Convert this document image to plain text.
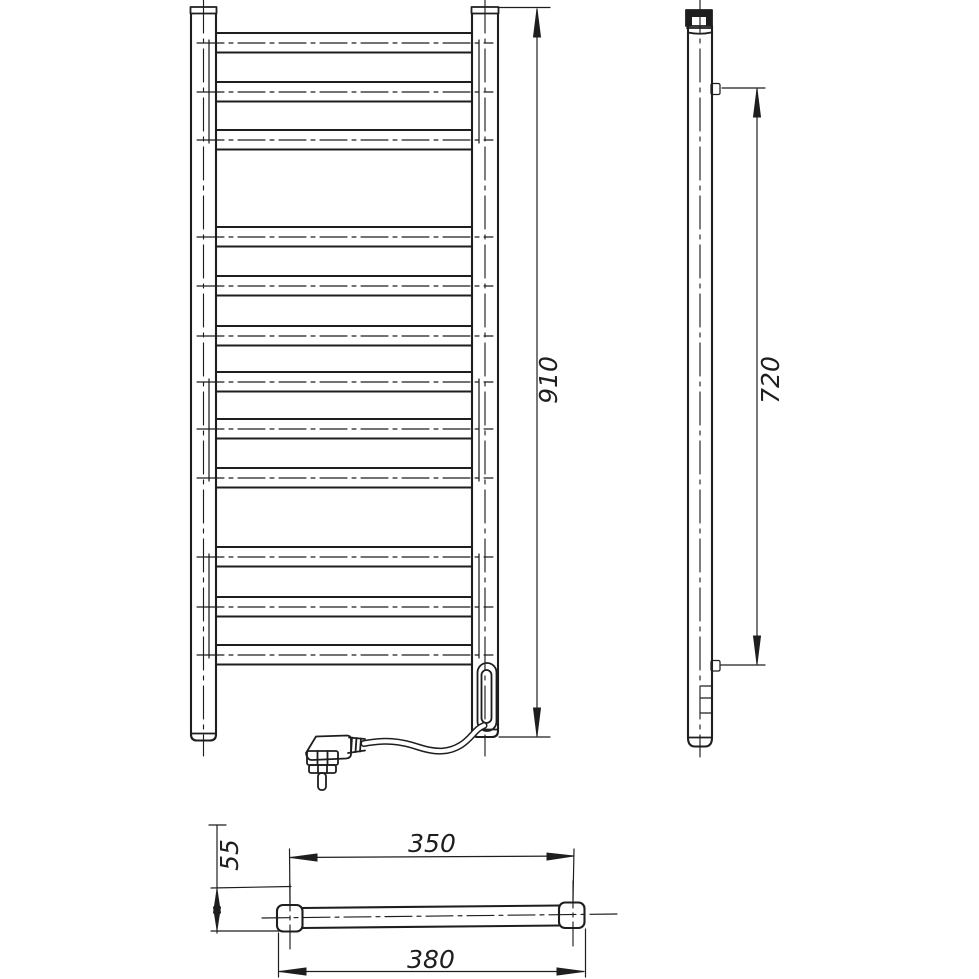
910	720
350
380
55
